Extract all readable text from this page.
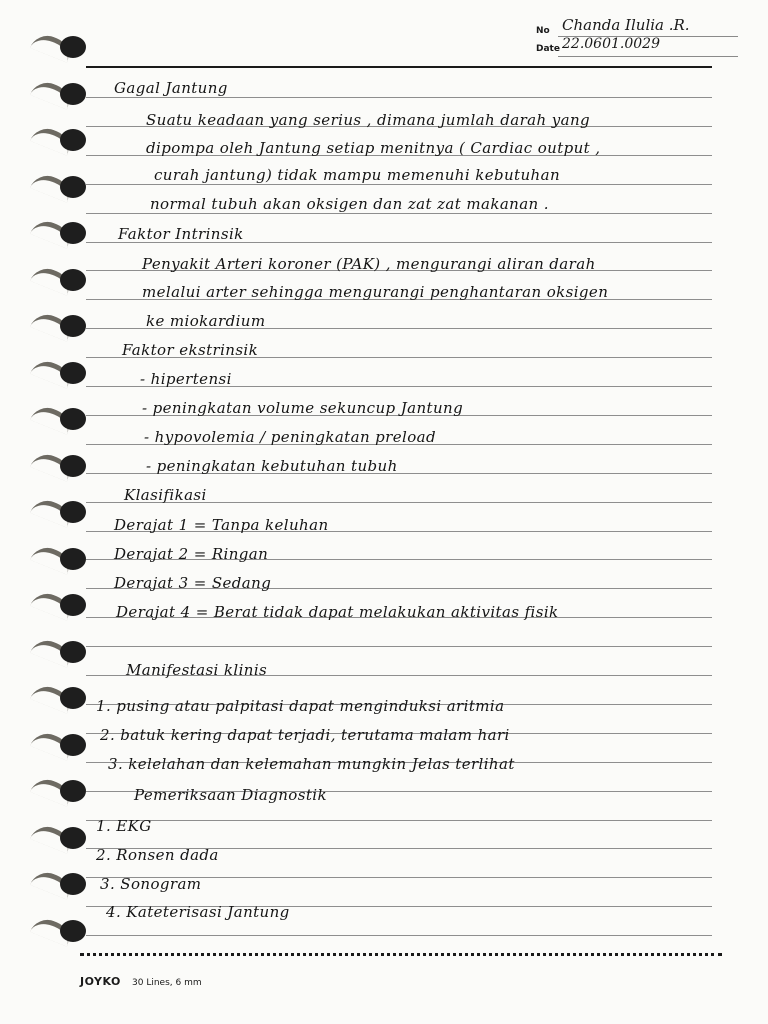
No Chanda Ilulia .R.
Date 22.0601.0029
Gagal Jantung
Suatu keadaan yang serius , dimana jumlah darah yang
dipompa oleh Jantung setiap menitnya ( Cardiac output ,
curah jantung) tidak mampu memenuhi kebutuhan
normal tubuh akan oksigen dan zat zat makanan .
Faktor Intrinsik
Penyakit Arteri koroner (PAK) , mengurangi aliran darah
melalui arter sehingga mengurangi penghantaran oksigen
ke miokardium
Faktor ekstrinsik
- hipertensi
- peningkatan volume sekuncup Jantung
- hypovolemia / peningkatan preload
- peningkatan kebutuhan tubuh
Klasifikasi
Derajat 1 = Tanpa keluhan
Derajat 2 = Ringan
Derajat 3 = Sedang
Derajat 4 = Berat tidak dapat melakukan aktivitas fisik
Manifestasi klinis
1. pusing atau palpitasi dapat menginduksi aritmia
2. batuk kering dapat terjadi, terutama malam hari
3. kelelahan dan kelemahan mungkin Jelas terlihat
Pemeriksaan Diagnostik
1. EKG
2. Ronsen dada
3. Sonogram
4. Kateterisasi Jantung
JOYKO 30 Lines, 6 mm
